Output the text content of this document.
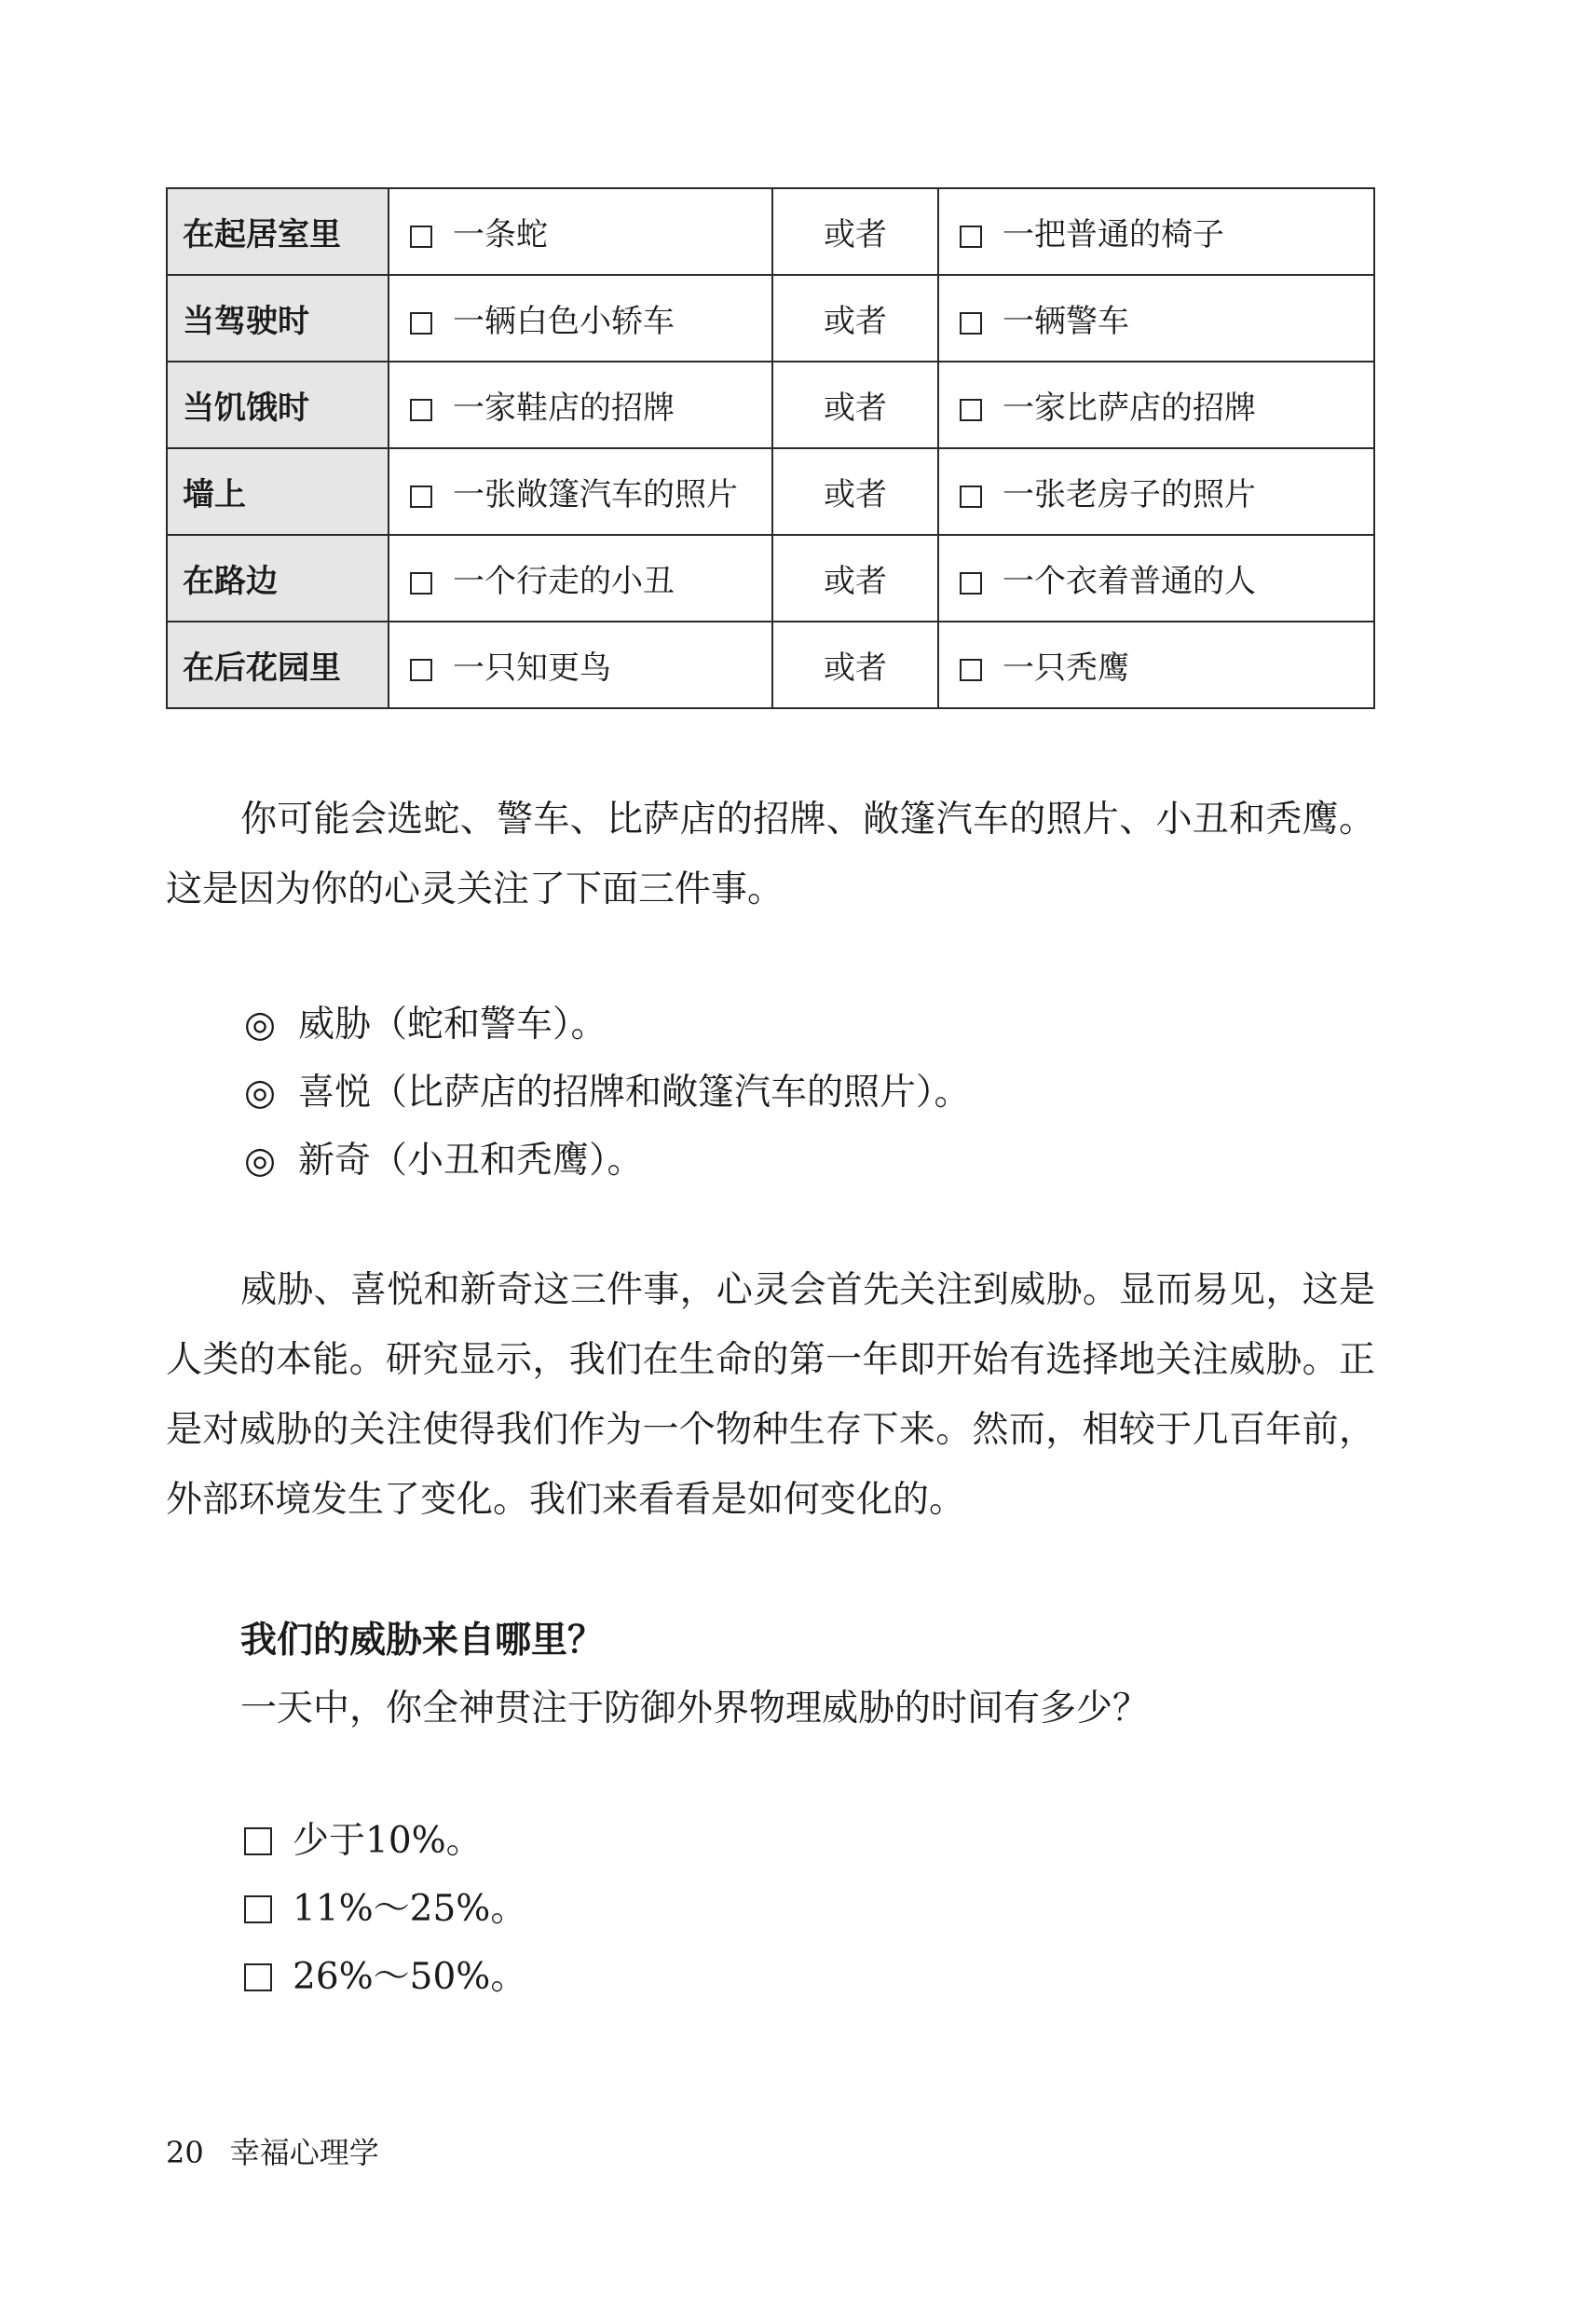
在起居室里	一条蛇	或者	一把普通的椅子
当驾驶时	一辆白色小轿车	或者	一辆警车
当饥饿时	一家鞋店的招牌	或者	一家比萨店的招牌
墙上	一张敞篷汽车的照片	或者	一张老房子的照片
在路边	一个行走的小丑	或者	一个衣着普通的人
在后花园里	一只知更鸟	或者	一只秃鹰

你可能会选蛇、警车、比萨店的招牌、敞篷汽车的照片、小丑和秃鹰。这是因为你的心灵关注了下面三件事。

◎ 威胁（蛇和警车）。
◎ 喜悦（比萨店的招牌和敞篷汽车的照片）。
◎ 新奇（小丑和秃鹰）。

威胁、喜悦和新奇这三件事，心灵会首先关注到威胁。显而易见，这是人类的本能。研究显示，我们在生命的第一年即开始有选择地关注威胁。正是对威胁的关注使得我们作为一个物种生存下来。然而，相较于几百年前，外部环境发生了变化。我们来看看是如何变化的。

我们的威胁来自哪里？

一天中，你全神贯注于防御外界物理威胁的时间有多少？

少于10%。
11%～25%。
26%～50%。
20 幸福心理学
